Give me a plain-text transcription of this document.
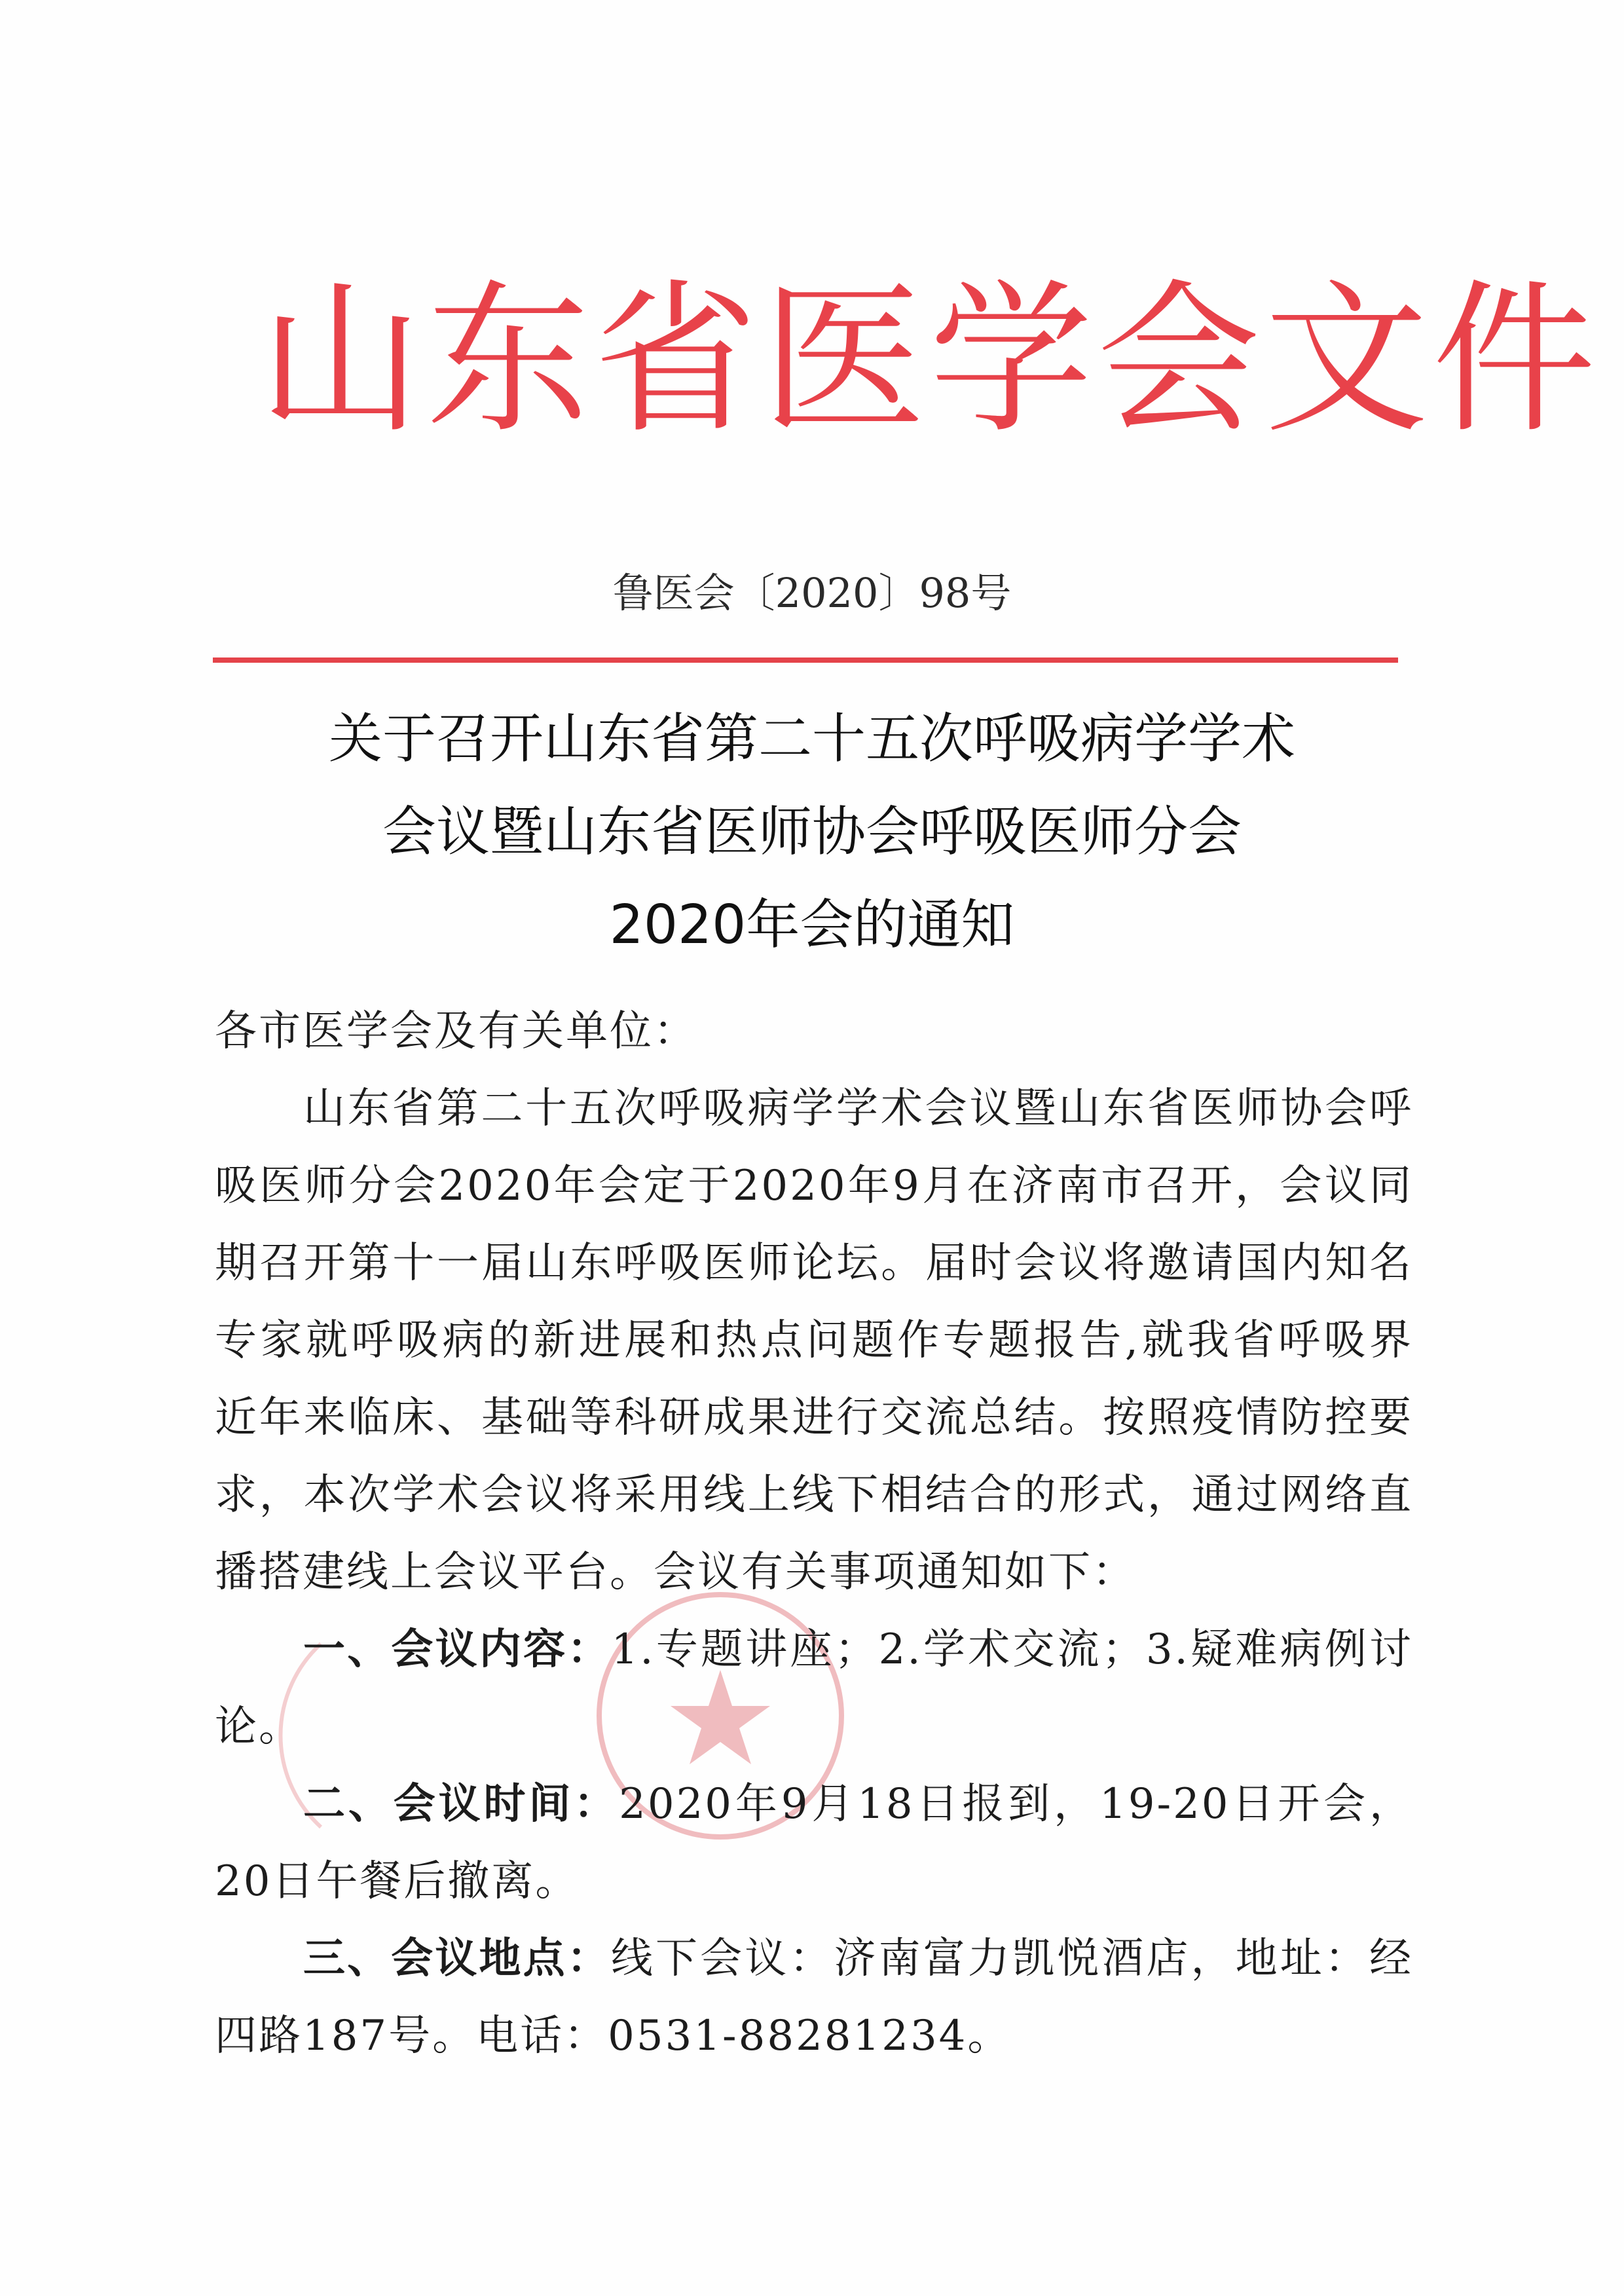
山东省医学会文件
鲁医会〔2020〕98号
关于召开山东省第二十五次呼吸病学学术
会议暨山东省医师协会呼吸医师分会
2020年会的通知

各市医学会及有关单位：

山东省第二十五次呼吸病学学术会议暨山东省医师协会呼吸医师分会2020年会定于2020年9月在济南市召开，会议同期召开第十一届山东呼吸医师论坛。届时会议将邀请国内知名专家就呼吸病的新进展和热点问题作专题报告,就我省呼吸界近年来临床、基础等科研成果进行交流总结。按照疫情防控要求，本次学术会议将采用线上线下相结合的形式，通过网络直播搭建线上会议平台。会议有关事项通知如下：

一、会议内容：1.专题讲座；2.学术交流；3.疑难病例讨论。

二、会议时间：2020年9月18日报到，19-20日开会，20日午餐后撤离。

三、会议地点：线下会议：济南富力凯悦酒店，地址：经四路187号。电话：0531-88281234。
